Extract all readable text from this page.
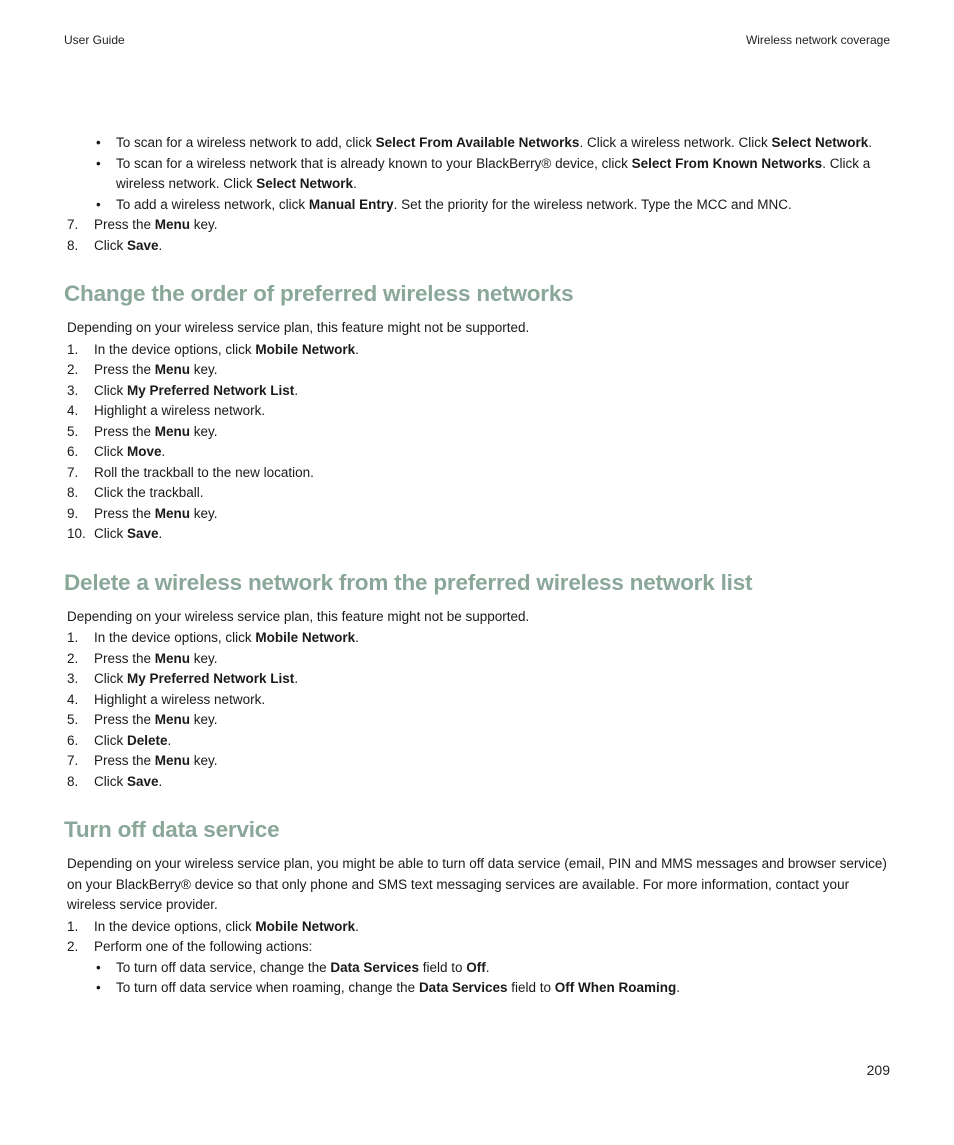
User Guide	Wireless network coverage
• To scan for a wireless network to add, click Select From Available Networks. Click a wireless network. Click Select Network.
• To scan for a wireless network that is already known to your BlackBerry® device, click Select From Known Networks. Click a wireless network. Click Select Network.
• To add a wireless network, click Manual Entry. Set the priority for the wireless network. Type the MCC and MNC.
7. Press the Menu key.
8. Click Save.
Change the order of preferred wireless networks

Depending on your wireless service plan, this feature might not be supported.

1. In the device options, click Mobile Network.
2. Press the Menu key.
3. Click My Preferred Network List.
4. Highlight a wireless network.
5. Press the Menu key.
6. Click Move.
7. Roll the trackball to the new location.
8. Click the trackball.
9. Press the Menu key.
10. Click Save.
Delete a wireless network from the preferred wireless network list

Depending on your wireless service plan, this feature might not be supported.

1. In the device options, click Mobile Network.
2. Press the Menu key.
3. Click My Preferred Network List.
4. Highlight a wireless network.
5. Press the Menu key.
6. Click Delete.
7. Press the Menu key.
8. Click Save.
Turn off data service

Depending on your wireless service plan, you might be able to turn off data service (email, PIN and MMS messages and browser service) on your BlackBerry® device so that only phone and SMS text messaging services are available. For more information, contact your wireless service provider.

1. In the device options, click Mobile Network.
2. Perform one of the following actions:
• To turn off data service, change the Data Services field to Off.
• To turn off data service when roaming, change the Data Services field to Off When Roaming.
209
